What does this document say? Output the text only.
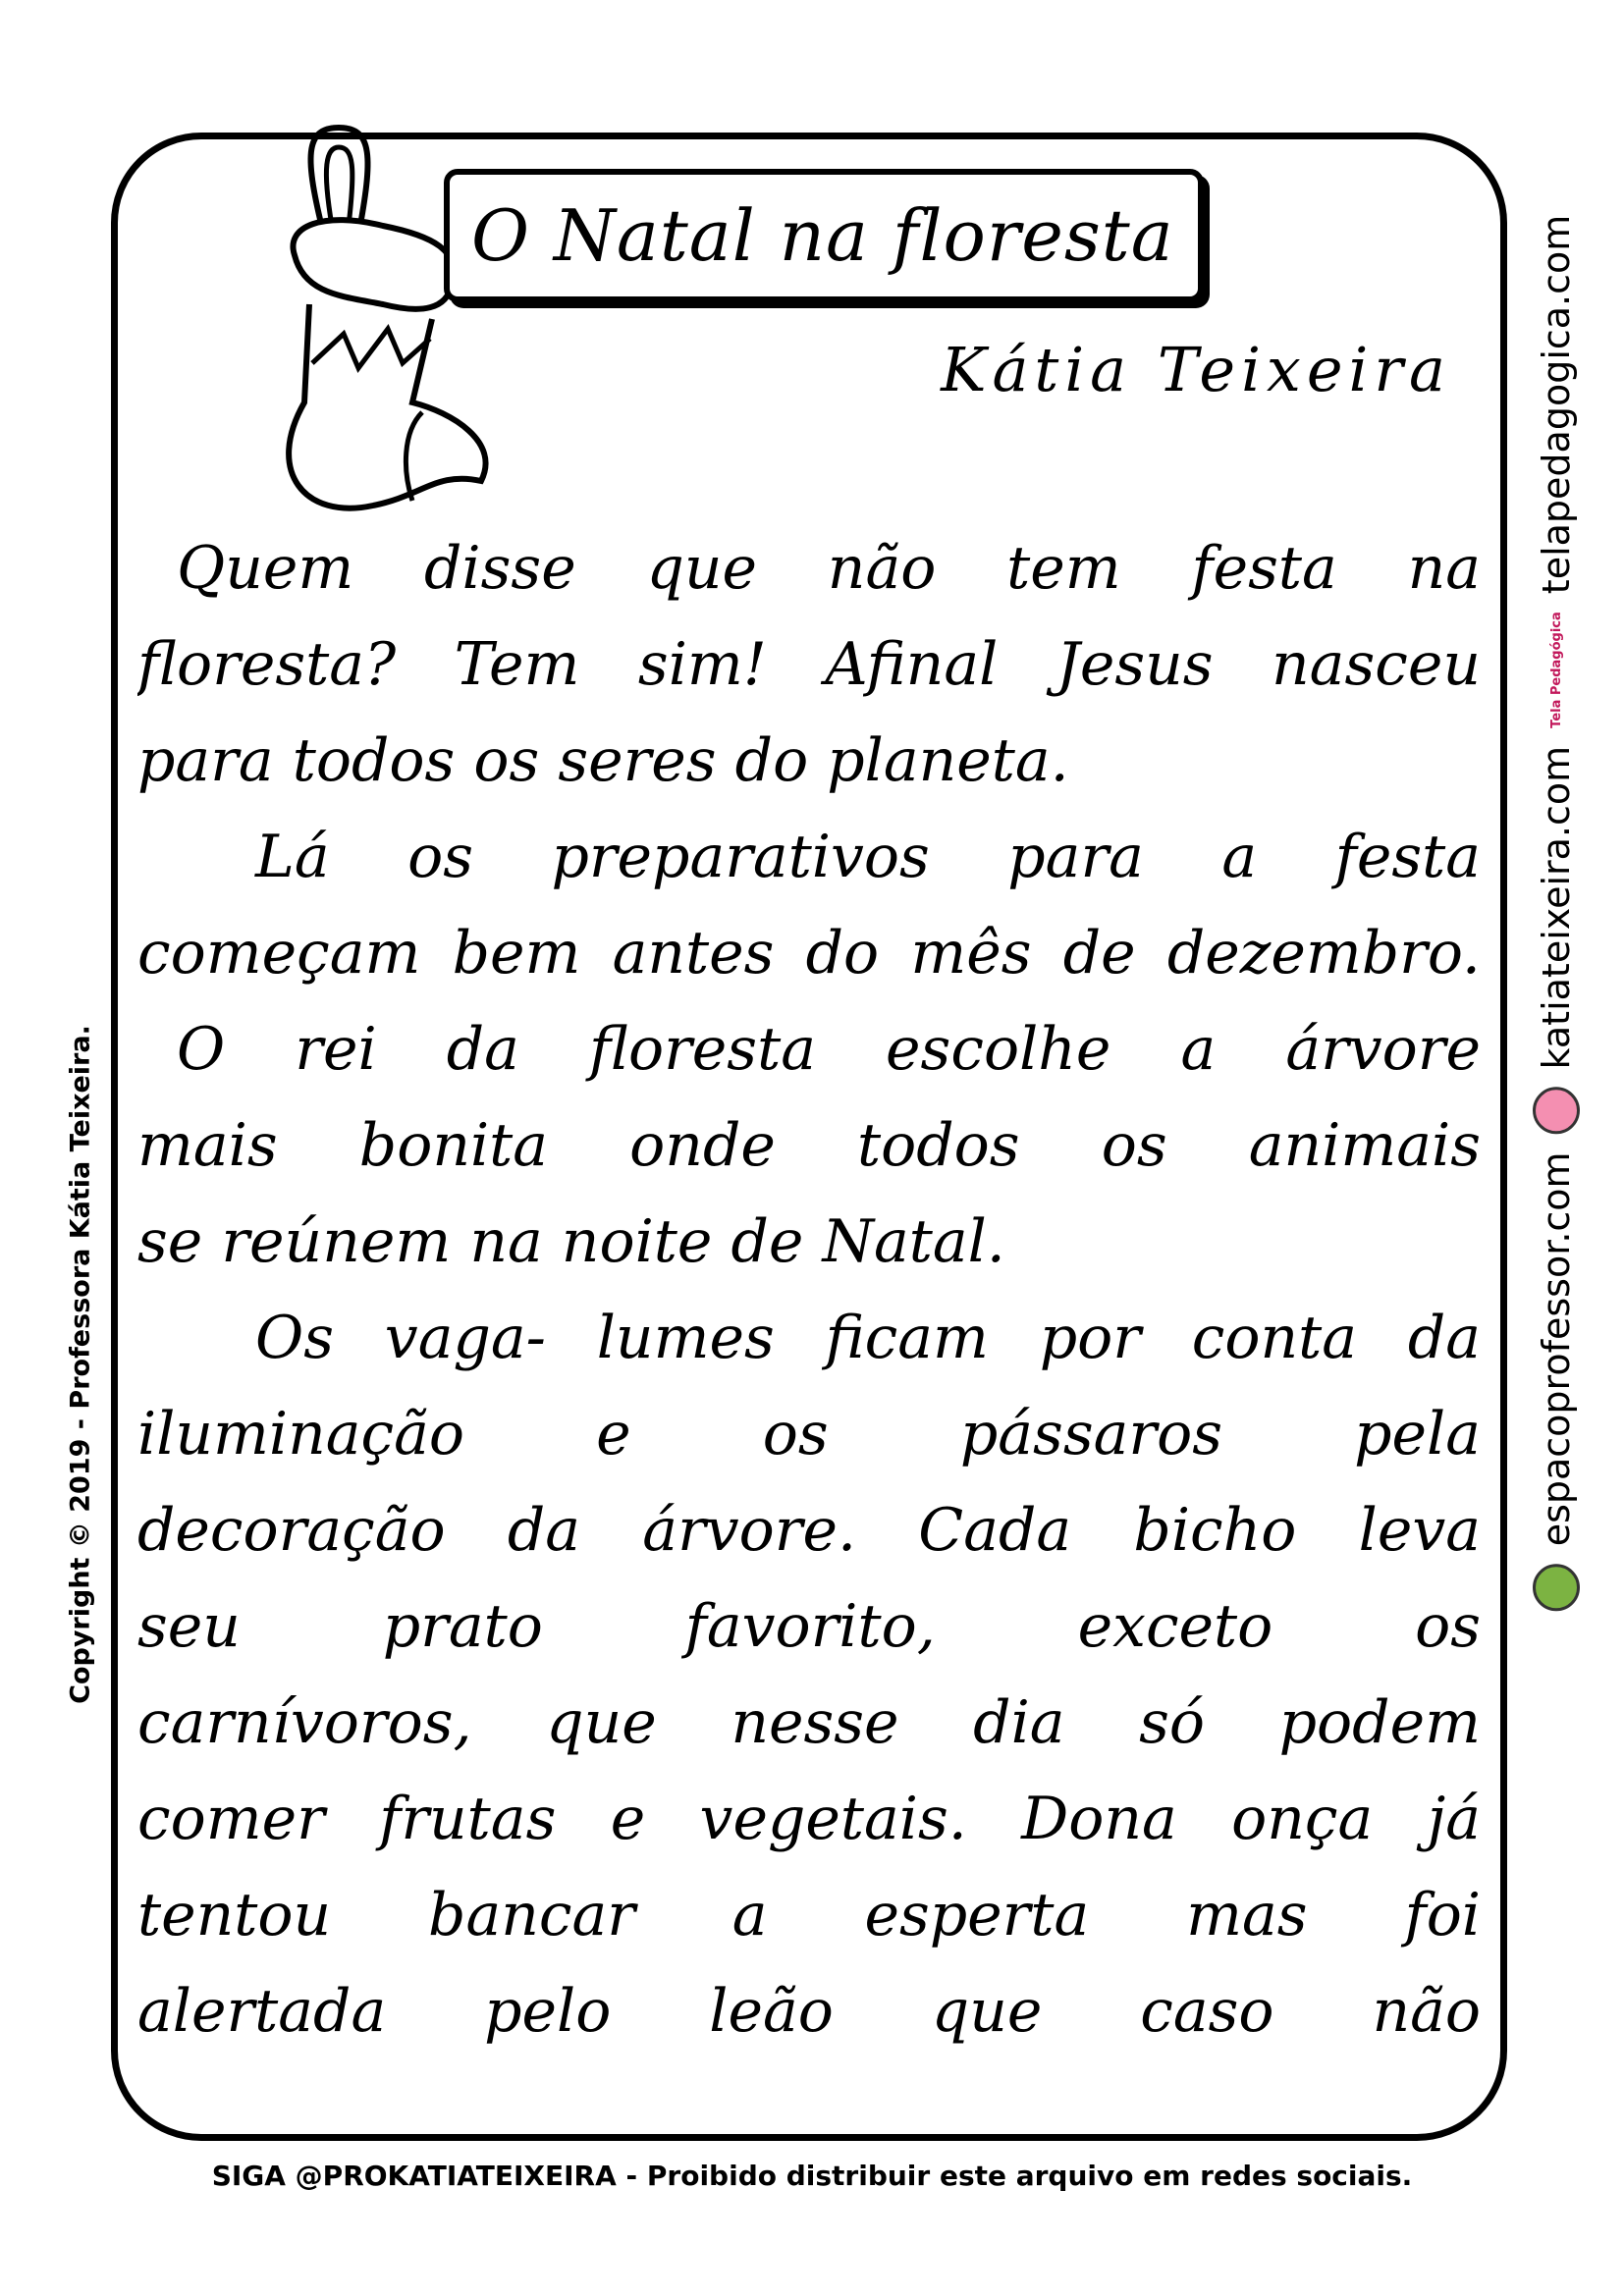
O Natal na floresta
Kátia Teixeira
Quem disse que não tem festa na
floresta? Tem sim! Afinal Jesus nasceu
para todos os seres do planeta.
Lá os preparativos para a festa
começam bem antes do mês de dezembro.
O rei da floresta escolhe a árvore
mais bonita onde todos os animais
se reúnem na noite de Natal.
Os vaga- lumes ficam por conta da
iluminação e os pássaros pela
decoração da árvore. Cada bicho leva
seu prato favorito, exceto os
carnívoros, que nesse dia só podem
comer frutas e vegetais. Dona onça já
tentou bancar a esperta mas foi
alertada pelo leão que caso não
Copyright © 2019 - Professora Kátia Teixeira.	espacoprofessor.com
katiateixeira.com
Tela Pedagógica
telapedagogica.com
SIGA @PROKATIATEIXEIRA - Proibido distribuir este arquivo em redes sociais.
